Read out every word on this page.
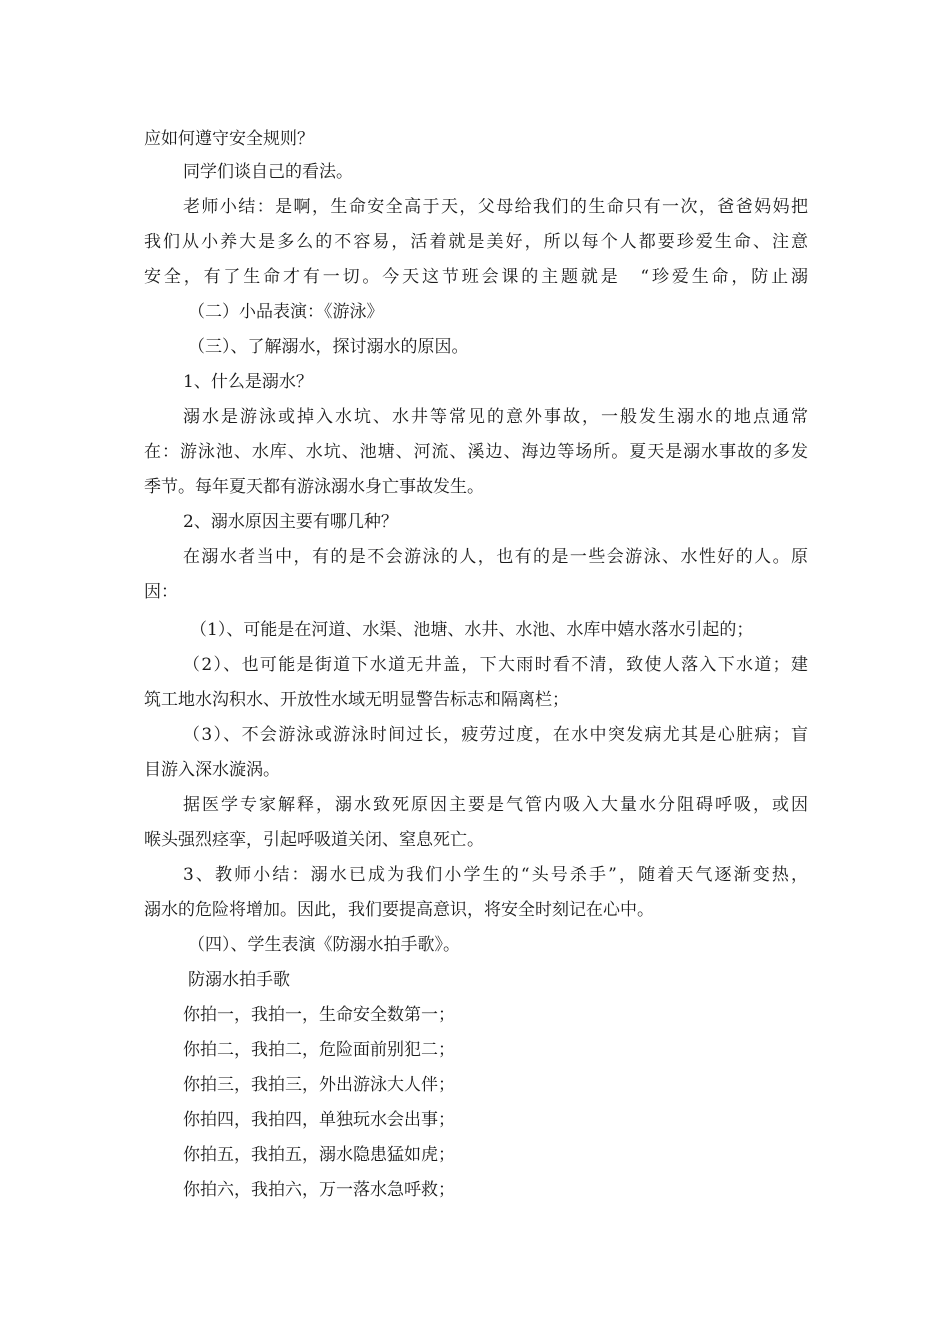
应如何遵守安全规则？
同学们谈自己的看法。
老师小结：是啊，生命安全高于天，父母给我们的生命只有一次，爸爸妈妈把
我们从小养大是多么的不容易，活着就是美好，所以每个人都要珍爱生命、注意
安全，有了生命才有一切。今天这节班会课的主题就是　“珍爱生命，防止溺
（二）小品表演：《游泳》
（三）、了解溺水，探讨溺水的原因。
1、什么是溺水？
溺水是游泳或掉入水坑、水井等常见的意外事故，一般发生溺水的地点通常
在：游泳池、水库、水坑、池塘、河流、溪边、海边等场所。夏天是溺水事故的多发
季节。每年夏天都有游泳溺水身亡事故发生。
2、溺水原因主要有哪几种？
在溺水者当中，有的是不会游泳的人，也有的是一些会游泳、水性好的人。原
因：
（1）、可能是在河道、水渠、池塘、水井、水池、水库中嬉水落水引起的；
（2）、也可能是街道下水道无井盖，下大雨时看不清，致使人落入下水道；建
筑工地水沟积水、开放性水域无明显警告标志和隔离栏；
（3）、不会游泳或游泳时间过长，疲劳过度，在水中突发病尤其是心脏病；盲
目游入深水漩涡。
据医学专家解释，溺水致死原因主要是气管内吸入大量水分阻碍呼吸，或因
喉头强烈痉挛，引起呼吸道关闭、窒息死亡。
3、教师小结：溺水已成为我们小学生的“头号杀手”，随着天气逐渐变热，
溺水的危险将增加。因此，我们要提高意识，将安全时刻记在心中。
（四）、学生表演《防溺水拍手歌》。
防溺水拍手歌
你拍一，我拍一，生命安全数第一；
你拍二，我拍二，危险面前别犯二；
你拍三，我拍三，外出游泳大人伴；
你拍四，我拍四，单独玩水会出事；
你拍五，我拍五，溺水隐患猛如虎；
你拍六，我拍六，万一落水急呼救；
